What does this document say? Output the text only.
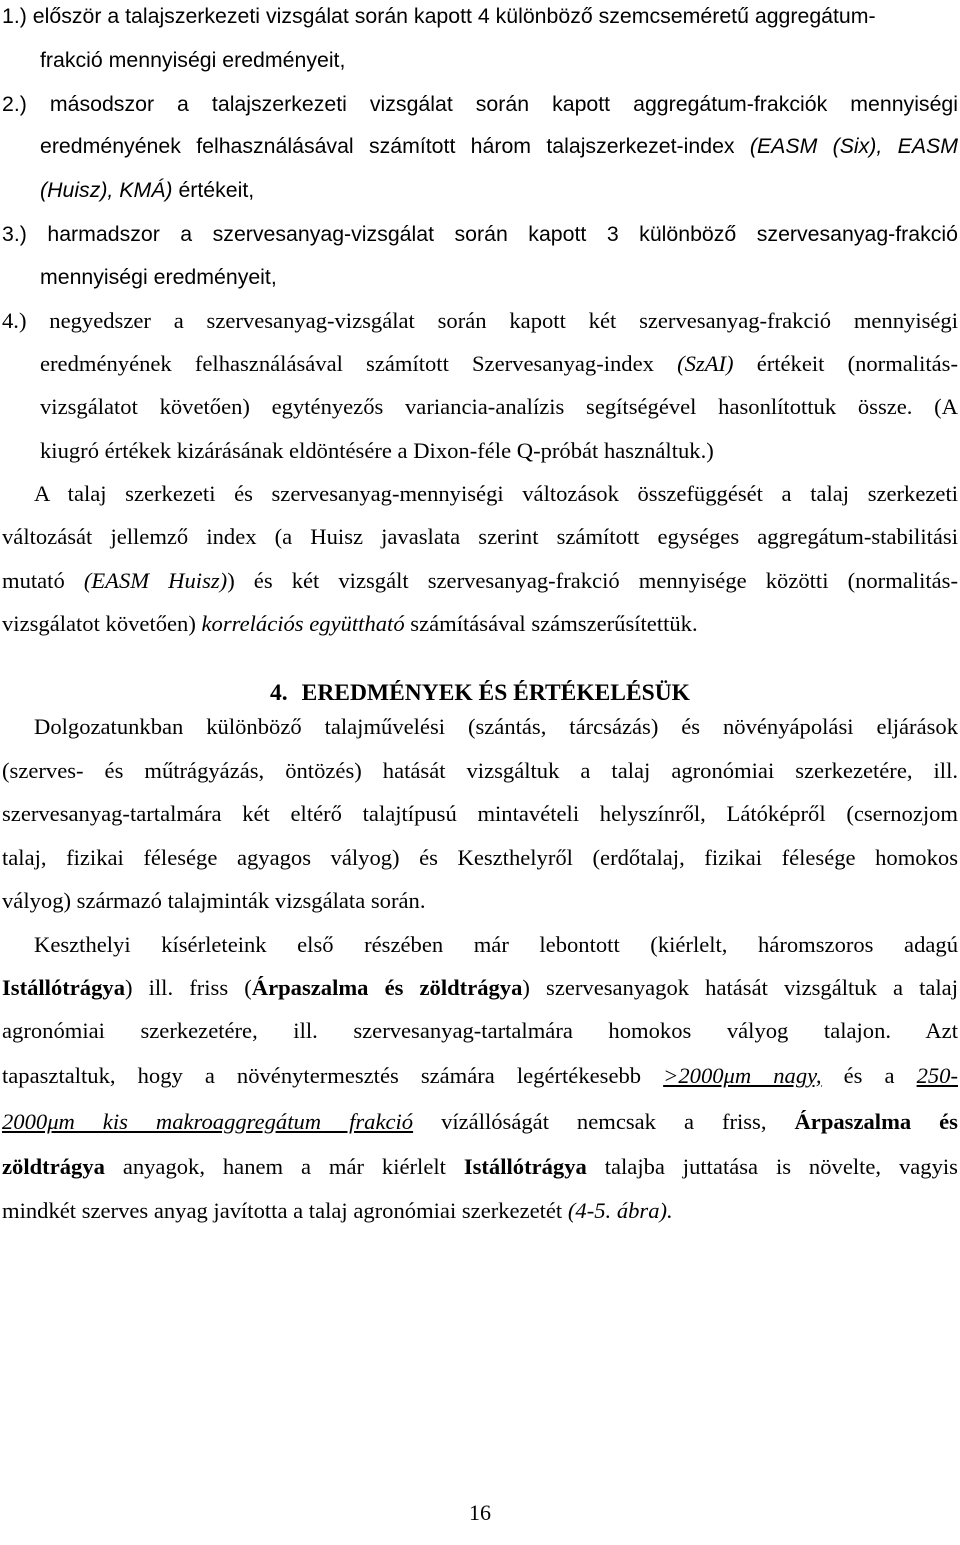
1.) először a talajszerkezeti vizsgálat során kapott 4 különböző szemcseméretű aggregátum-
frakció mennyiségi eredményeit,
2.) másodszor a talajszerkezeti vizsgálat során kapott aggregátum-frakciók mennyiségi
eredményének felhasználásával számított három talajszerkezet-index (EASM (Six), EASM
(Huisz), KMÁ) értékeit,
3.) harmadszor a szervesanyag-vizsgálat során kapott 3 különböző szervesanyag-frakció
mennyiségi eredményeit,
4.) negyedszer a szervesanyag-vizsgálat során kapott két szervesanyag-frakció mennyiségi
eredményének felhasználásával számított Szervesanyag-index (SzAI) értékeit (normalitás-
vizsgálatot követően) egytényezős variancia-analízis segítségével hasonlítottuk össze. (A
kiugró értékek kizárásának eldöntésére a Dixon-féle Q-próbát használtuk.)
A talaj szerkezeti és szervesanyag-mennyiségi változások összefüggését a talaj szerkezeti
változását jellemző index (a Huisz javaslata szerint számított egységes aggregátum-stabilitási
mutató (EASM Huisz)) és két vizsgált szervesanyag-frakció mennyisége közötti (normalitás-
vizsgálatot követően) korrelációs együttható számításával számszerűsítettük.
4. EREDMÉNYEK ÉS ÉRTÉKELÉSÜK
Dolgozatunkban különböző talajművelési (szántás, tárcsázás) és növényápolási eljárások
(szerves- és műtrágyázás, öntözés) hatását vizsgáltuk a talaj agronómiai szerkezetére, ill.
szervesanyag-tartalmára két eltérő talajtípusú mintavételi helyszínről, Látóképről (csernozjom
talaj, fizikai félesége agyagos vályog) és Keszthelyről (erdőtalaj, fizikai félesége homokos
vályog) származó talajminták vizsgálata során.
Keszthelyi kísérleteink első részében már lebontott (kiérlelt, háromszoros adagú
Istállótrágya) ill. friss (Árpaszalma és zöldtrágya) szervesanyagok hatását vizsgáltuk a talaj
agronómiai szerkezetére, ill. szervesanyag-tartalmára homokos vályog talajon. Azt
tapasztaltuk, hogy a növénytermesztés számára legértékesebb >2000μm nagy, és a 250-
2000μm kis makroaggregátum frakció vízállóságát nemcsak a friss, Árpaszalma és
zöldtrágya anyagok, hanem a már kiérlelt Istállótrágya talajba juttatása is növelte, vagyis
mindkét szerves anyag javította a talaj agronómiai szerkezetét (4-5. ábra).
16
